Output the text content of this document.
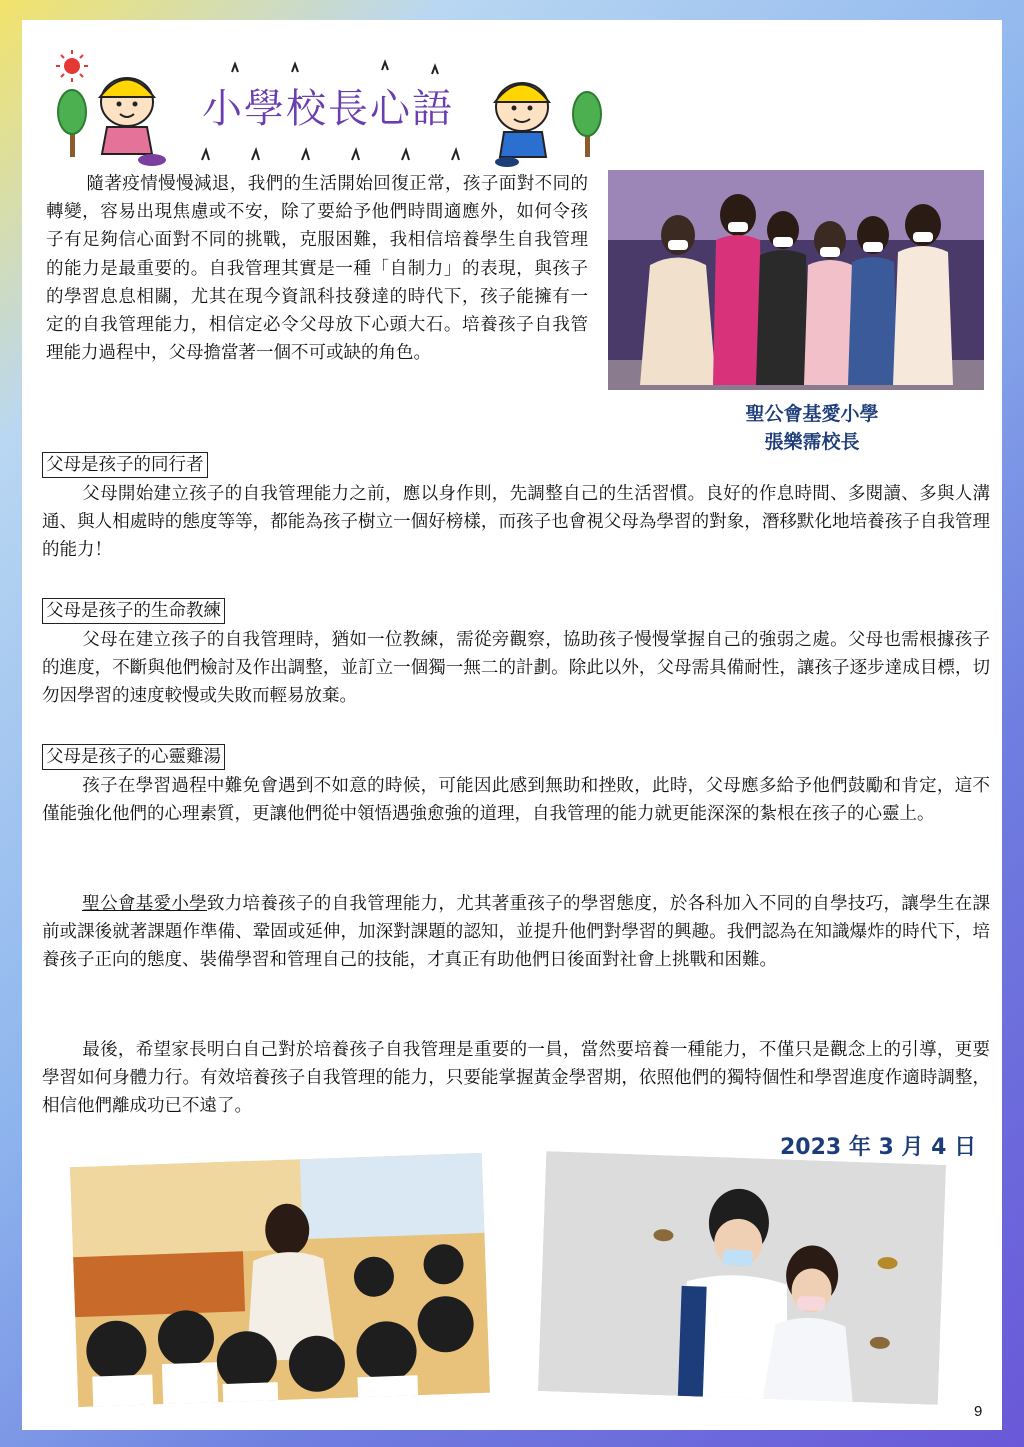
小學校長心語

隨著疫情慢慢減退，我們的生活開始回復正常，孩子面對不同的轉變，容易出現焦慮或不安，除了要給予他們時間適應外，如何令孩子有足夠信心面對不同的挑戰，克服困難，我相信培養學生自我管理的能力是最重要的。自我管理其實是一種「自制力」的表現，與孩子的學習息息相關，尤其在現今資訊科技發達的時代下，孩子能擁有一定的自我管理能力，相信定必令父母放下心頭大石。培養孩子自我管理能力過程中，父母擔當著一個不可或缺的角色。

聖公會基愛小學
張樂霈校長
父母是孩子的同行者

父母開始建立孩子的自我管理能力之前，應以身作則，先調整自己的生活習慣。良好的作息時間、多閱讀、多與人溝通、與人相處時的態度等等，都能為孩子樹立一個好榜樣，而孩子也會視父母為學習的對象，潛移默化地培養孩子自我管理的能力！

父母是孩子的生命教練

父母在建立孩子的自我管理時，猶如一位教練，需從旁觀察，協助孩子慢慢掌握自己的強弱之處。父母也需根據孩子的進度，不斷與他們檢討及作出調整，並訂立一個獨一無二的計劃。除此以外，父母需具備耐性，讓孩子逐步達成目標，切勿因學習的速度較慢或失敗而輕易放棄。

父母是孩子的心靈雞湯

孩子在學習過程中難免會遇到不如意的時候，可能因此感到無助和挫敗，此時，父母應多給予他們鼓勵和肯定，這不僅能強化他們的心理素質，更讓他們從中領悟遇強愈強的道理，自我管理的能力就更能深深的紮根在孩子的心靈上。

聖公會基愛小學致力培養孩子的自我管理能力，尤其著重孩子的學習態度，於各科加入不同的自學技巧，讓學生在課前或課後就著課題作準備、鞏固或延伸，加深對課題的認知，並提升他們對學習的興趣。我們認為在知識爆炸的時代下，培養孩子正向的態度、裝備學習和管理自己的技能，才真正有助他們日後面對社會上挑戰和困難。

最後，希望家長明白自己對於培養孩子自我管理是重要的一員，當然要培養一種能力，不僅只是觀念上的引導，更要學習如何身體力行。有效培養孩子自我管理的能力，只要能掌握黃金學習期，依照他們的獨特個性和學習進度作適時調整，相信他們離成功已不遠了。

2023 年 3 月 4 日
9
